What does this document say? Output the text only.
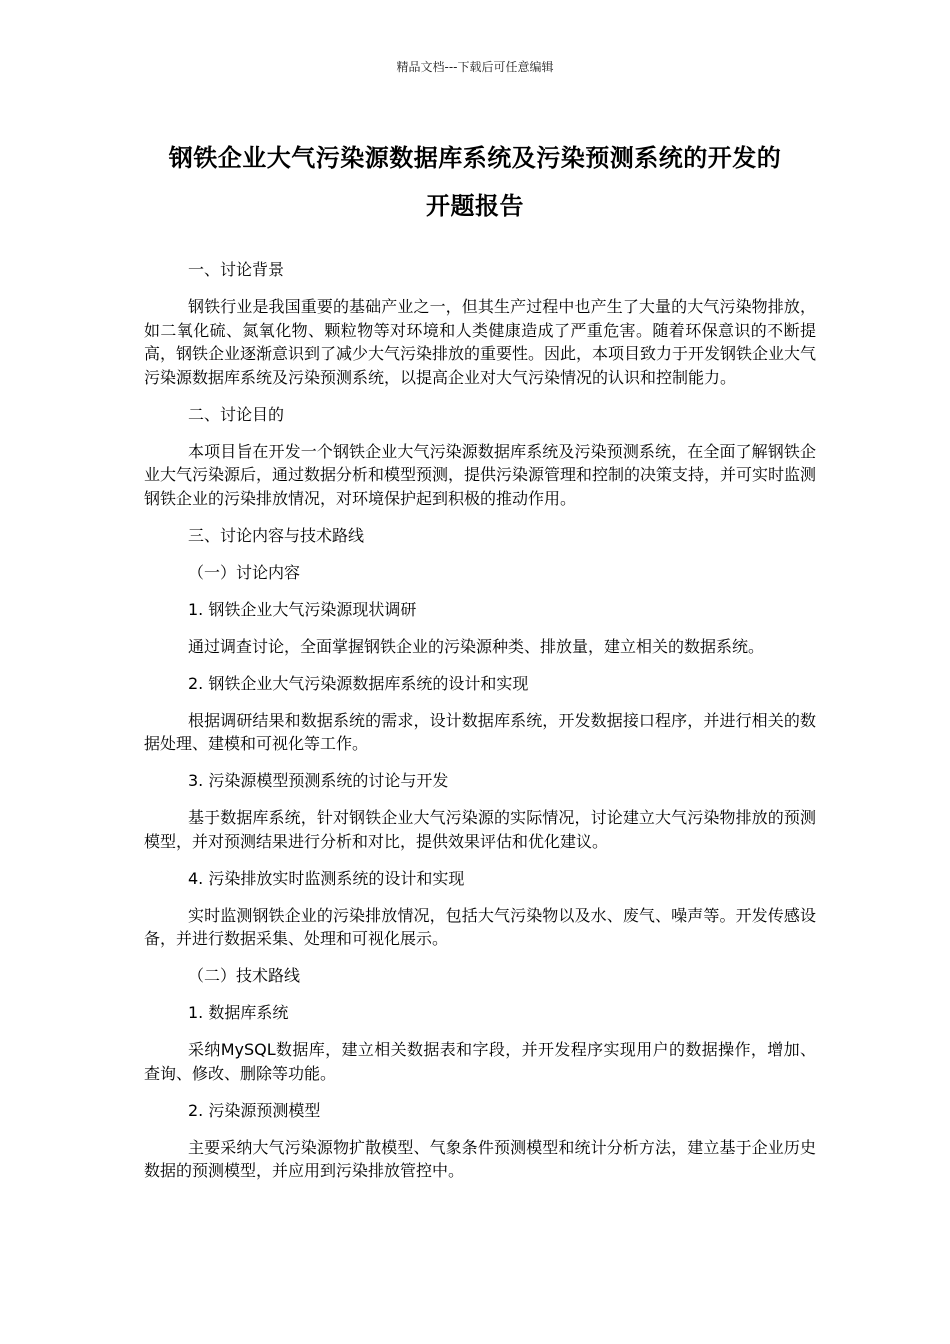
精品文档---下载后可任意编辑
钢铁企业大气污染源数据库系统及污染预测系统的开发的
开题报告

一、讨论背景

钢铁行业是我国重要的基础产业之一，但其生产过程中也产生了大量的大气污染物排放，如二氧化硫、氮氧化物、颗粒物等对环境和人类健康造成了严重危害。随着环保意识的不断提高，钢铁企业逐渐意识到了减少大气污染排放的重要性。因此，本项目致力于开发钢铁企业大气污染源数据库系统及污染预测系统，以提高企业对大气污染情况的认识和控制能力。

二、讨论目的

本项目旨在开发一个钢铁企业大气污染源数据库系统及污染预测系统，在全面了解钢铁企业大气污染源后，通过数据分析和模型预测，提供污染源管理和控制的决策支持，并可实时监测钢铁企业的污染排放情况，对环境保护起到积极的推动作用。

三、讨论内容与技术路线

（一）讨论内容

1. 钢铁企业大气污染源现状调研

通过调查讨论，全面掌握钢铁企业的污染源种类、排放量，建立相关的数据系统。

2. 钢铁企业大气污染源数据库系统的设计和实现

根据调研结果和数据系统的需求，设计数据库系统，开发数据接口程序，并进行相关的数据处理、建模和可视化等工作。

3. 污染源模型预测系统的讨论与开发

基于数据库系统，针对钢铁企业大气污染源的实际情况，讨论建立大气污染物排放的预测模型，并对预测结果进行分析和对比，提供效果评估和优化建议。

4. 污染排放实时监测系统的设计和实现

实时监测钢铁企业的污染排放情况，包括大气污染物以及水、废气、噪声等。开发传感设备，并进行数据采集、处理和可视化展示。

（二）技术路线

1. 数据库系统

采纳MySQL数据库，建立相关数据表和字段，并开发程序实现用户的数据操作，增加、查询、修改、删除等功能。

2. 污染源预测模型

主要采纳大气污染源物扩散模型、气象条件预测模型和统计分析方法，建立基于企业历史数据的预测模型，并应用到污染排放管控中。
